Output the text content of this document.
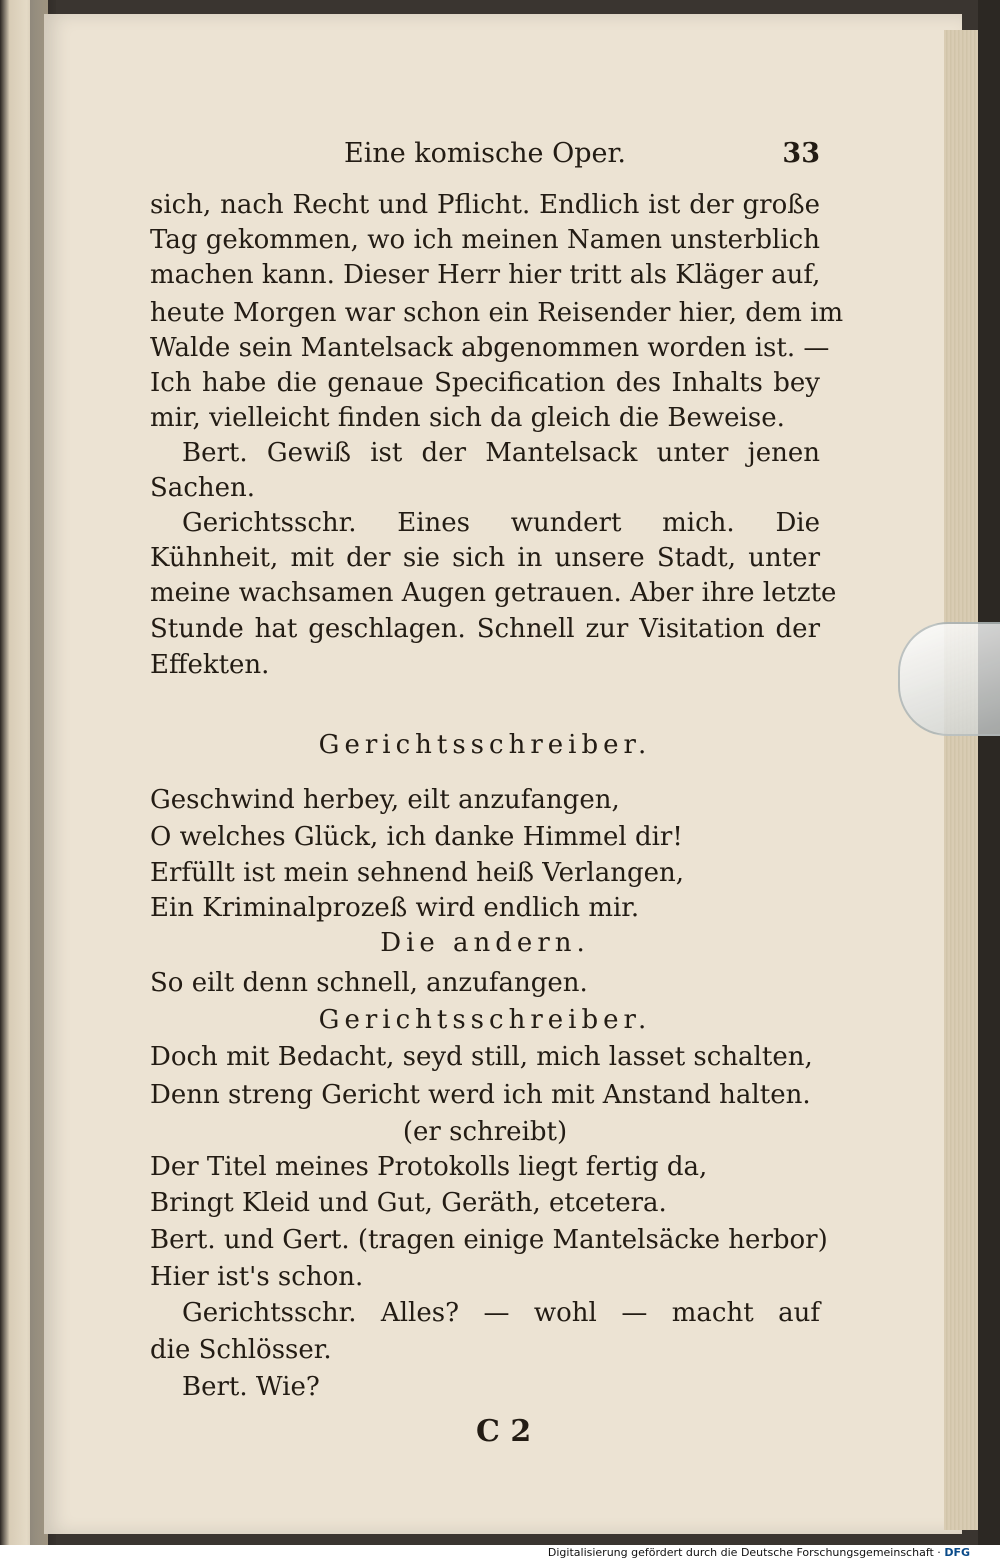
Eine komische Oper.	33
sich, nach Recht und Pflicht. Endlich ist der große
Tag gekommen, wo ich meinen Namen unsterblich
machen kann. Dieser Herr hier tritt als Kläger auf,
heute Morgen war schon ein Reisender hier, dem im
Walde sein Mantelsack abgenommen worden ist. —
Ich habe die genaue Specification des Inhalts bey
mir, vielleicht finden sich da gleich die Beweise.
Bert. Gewiß ist der Mantelsack unter jenen
Sachen.
Gerichtsschr. Eines wundert mich. Die
Kühnheit, mit der sie sich in unsere Stadt, unter
meine wachsamen Augen getrauen. Aber ihre letzte
Stunde hat geschlagen. Schnell zur Visitation der
Effekten.
Gerichtsschreiber.
Geschwind herbey, eilt anzufangen,
O welches Glück, ich danke Himmel dir!
Erfüllt ist mein sehnend heiß Verlangen,
Ein Kriminalprozeß wird endlich mir.
Die andern.
So eilt denn schnell, anzufangen.
Gerichtsschreiber.
Doch mit Bedacht, seyd still, mich lasset schalten,
Denn streng Gericht werd ich mit Anstand halten.
(er schreibt)
Der Titel meines Protokolls liegt fertig da,
Bringt Kleid und Gut, Geräth, etcetera.
Bert. und Gert. (tragen einige Mantelsäcke herbor)
Hier ist's schon.
Gerichtsschr. Alles? — wohl — macht auf
die Schlösser.
Bert. Wie?
C 2
Digitalisierung gefördert durch die Deutsche Forschungsgemeinschaft · DFG
